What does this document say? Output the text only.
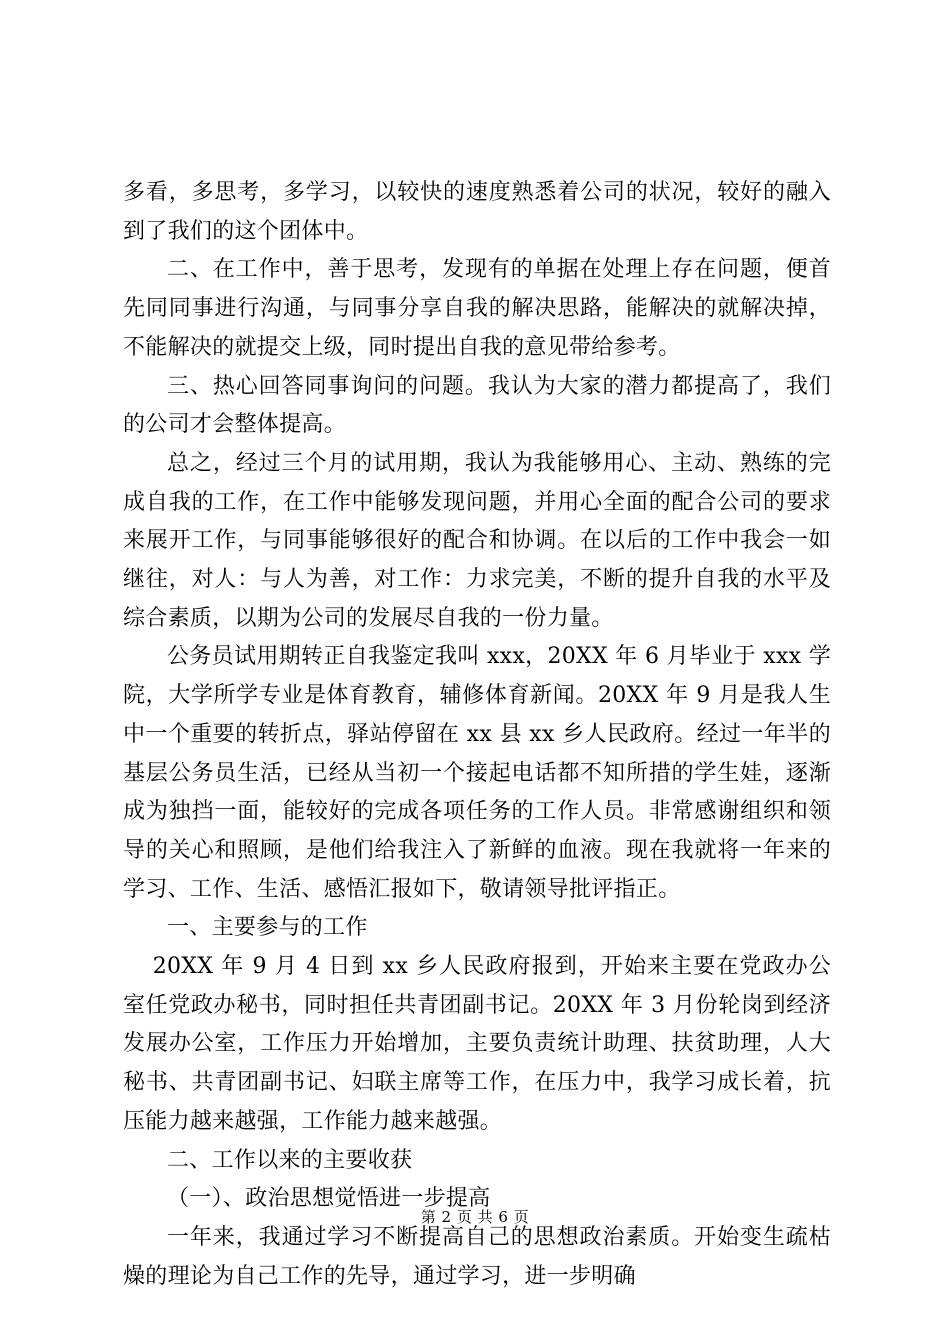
多看，多思考，多学习，以较快的速度熟悉着公司的状况，较好的融入到了我们的这个团体中。

二、在工作中，善于思考，发现有的单据在处理上存在问题，便首先同同事进行沟通，与同事分享自我的解决思路，能解决的就解决掉，不能解决的就提交上级，同时提出自我的意见带给参考。

三、热心回答同事询问的问题。我认为大家的潜力都提高了，我们的公司才会整体提高。

总之，经过三个月的试用期，我认为我能够用心、主动、熟练的完成自我的工作，在工作中能够发现问题，并用心全面的配合公司的要求来展开工作，与同事能够很好的配合和协调。在以后的工作中我会一如继往，对人：与人为善，对工作：力求完美，不断的提升自我的水平及综合素质，以期为公司的发展尽自我的一份力量。

公务员试用期转正自我鉴定我叫 xxx，20XX 年 6 月毕业于 xxx 学院，大学所学专业是体育教育，辅修体育新闻。20XX 年 9 月是我人生中一个重要的转折点，驿站停留在 xx 县 xx 乡人民政府。经过一年半的基层公务员生活，已经从当初一个接起电话都不知所措的学生娃，逐渐成为独挡一面，能较好的完成各项任务的工作人员。非常感谢组织和领导的关心和照顾，是他们给我注入了新鲜的血液。现在我就将一年来的学习、工作、生活、感悟汇报如下，敬请领导批评指正。

一、主要参与的工作

20XX 年 9 月 4 日到 xx 乡人民政府报到，开始来主要在党政办公室任党政办秘书，同时担任共青团副书记。20XX 年 3 月份轮岗到经济发展办公室，工作压力开始增加，主要负责统计助理、扶贫助理，人大秘书、共青团副书记、妇联主席等工作，在压力中，我学习成长着，抗压能力越来越强，工作能力越来越强。

二、工作以来的主要收获

（一）、政治思想觉悟进一步提高

一年来，我通过学习不断提高自己的思想政治素质。开始变生疏枯燥的理论为自己工作的先导，通过学习，进一步明确

第 2 页 共 6 页
